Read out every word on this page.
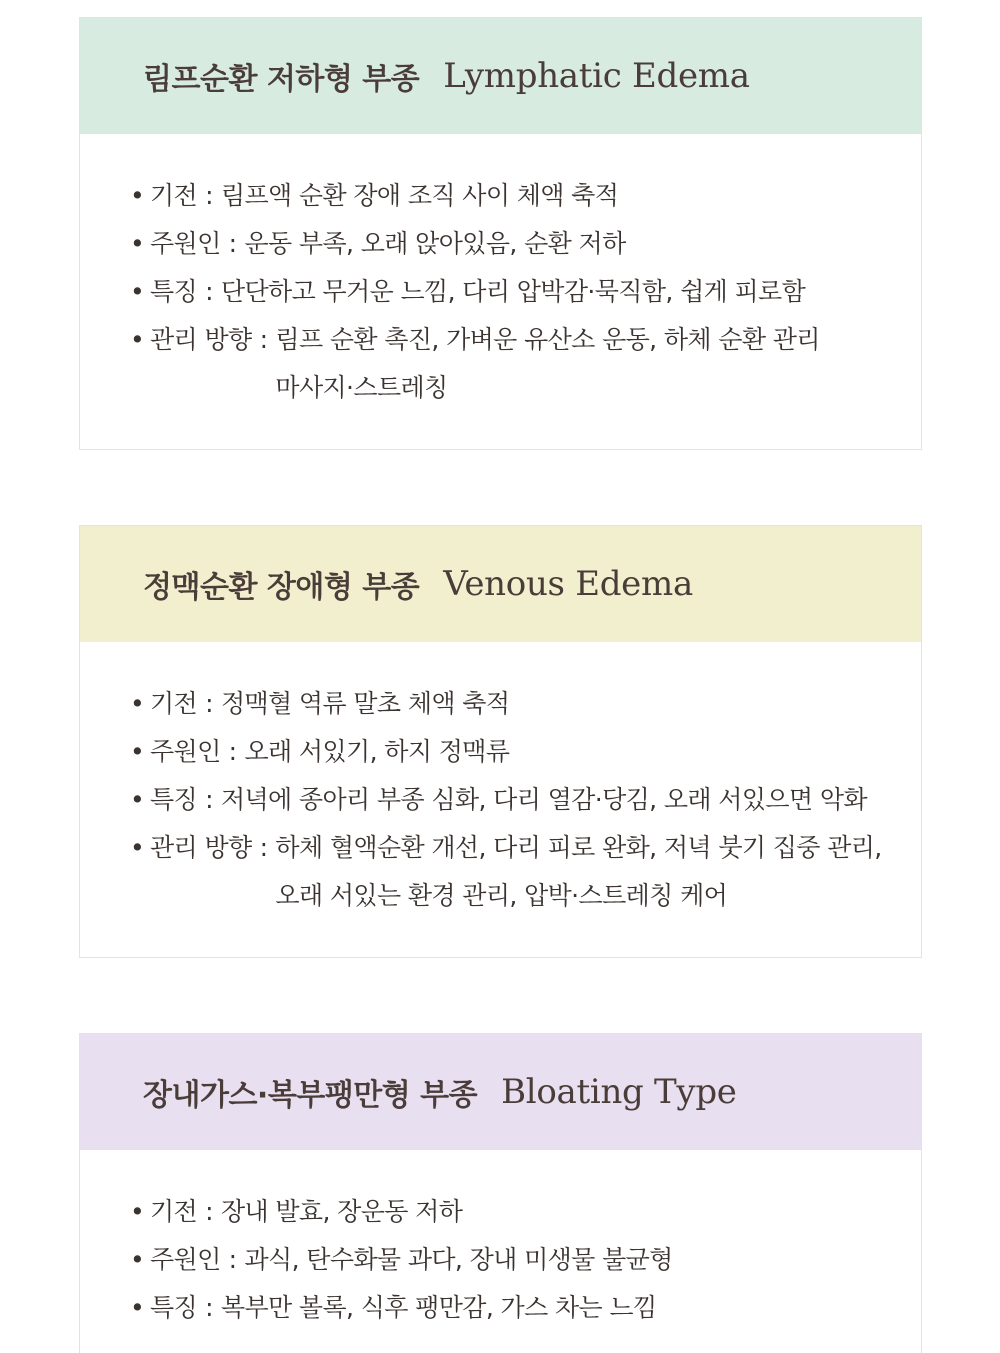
림프순환 저하형 부종 Lymphatic Edema
• 기전 : 림프액 순환 장애 조직 사이 체액 축적
• 주원인 : 운동 부족, 오래 앉아있음, 순환 저하
• 특징 : 단단하고 무거운 느낌, 다리 압박감·묵직함, 쉽게 피로함
• 관리 방향 : 림프 순환 촉진, 가벼운 유산소 운동, 하체 순환 관리
마사지·스트레칭
정맥순환 장애형 부종 Venous Edema
• 기전 : 정맥혈 역류 말초 체액 축적
• 주원인 : 오래 서있기, 하지 정맥류
• 특징 : 저녁에 종아리 부종 심화, 다리 열감·당김, 오래 서있으면 악화
• 관리 방향 : 하체 혈액순환 개선, 다리 피로 완화, 저녁 붓기 집중 관리,
오래 서있는 환경 관리, 압박·스트레칭 케어
장내가스·복부팽만형 부종 Bloating Type
• 기전 : 장내 발효, 장운동 저하
• 주원인 : 과식, 탄수화물 과다, 장내 미생물 불균형
• 특징 : 복부만 볼록, 식후 팽만감, 가스 차는 느낌
